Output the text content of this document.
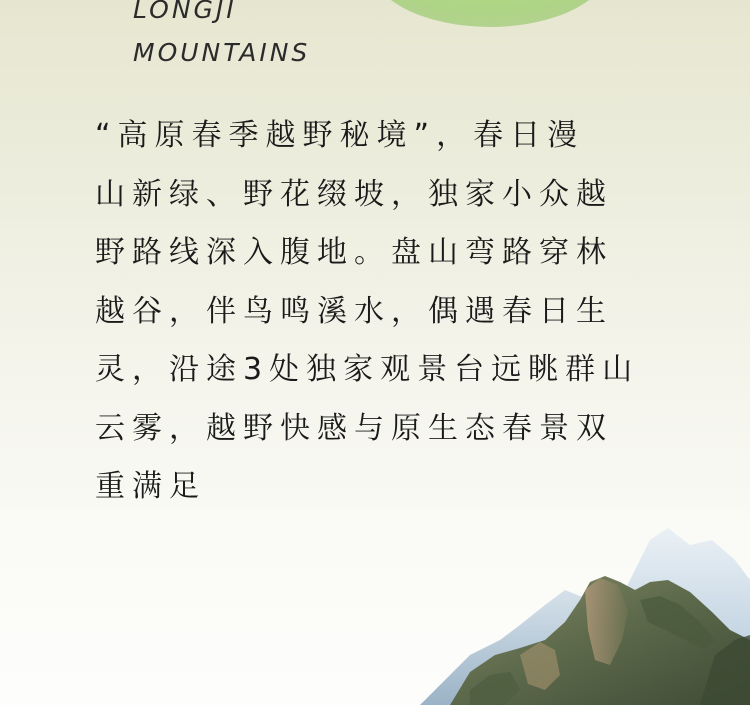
LONGJI
MOUNTAINS

“高原春季越野秘境”，春日漫
山新绿、野花缀坡，独家小众越
野路线深入腹地。盘山弯路穿林
越谷，伴鸟鸣溪水，偶遇春日生
灵，沿途3处独家观景台远眺群山
云雾，越野快感与原生态春景双
重满足
